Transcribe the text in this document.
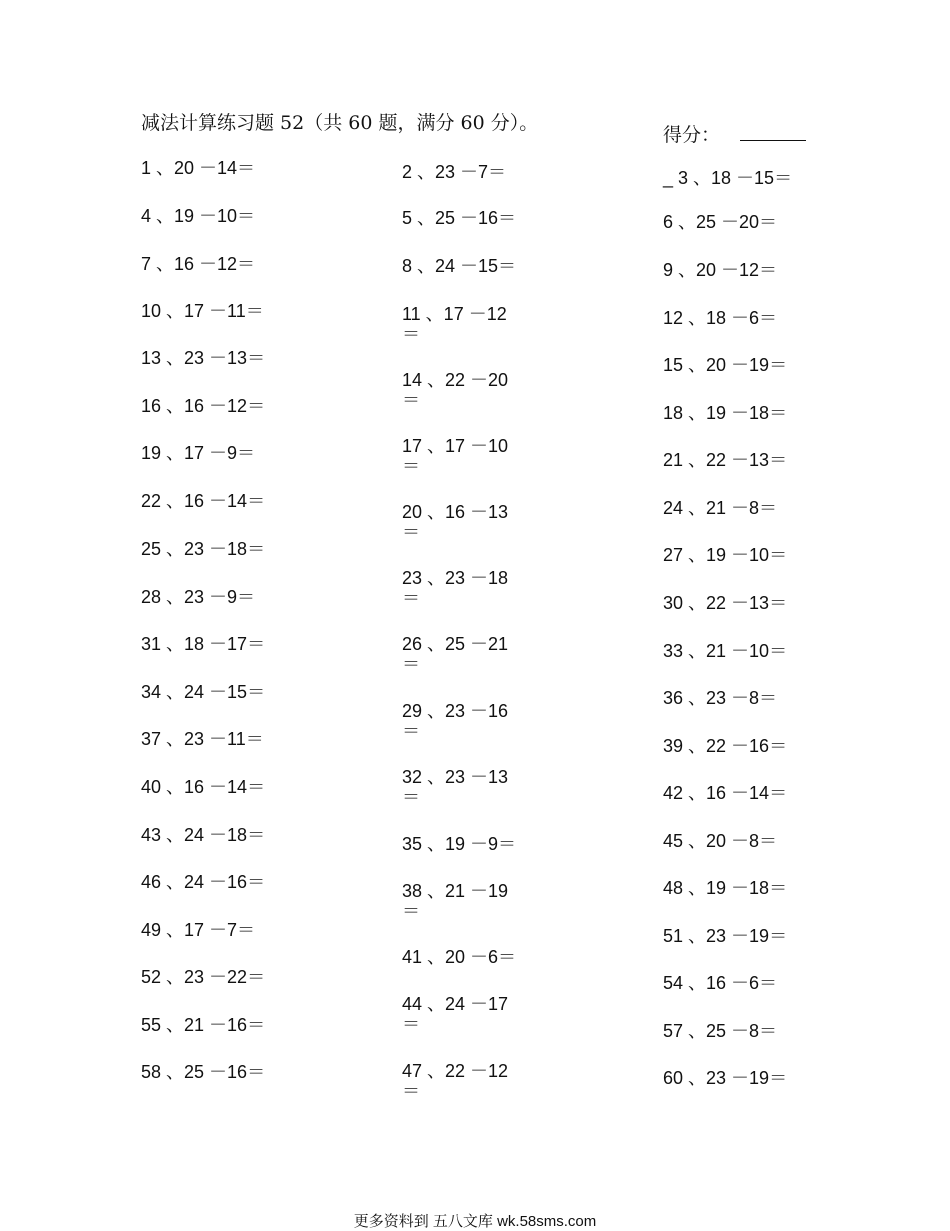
减法计算练习题 52（共 60 题，满分 60 分）。
得分：
1 、20 －14＝
4 、19 －10＝
7 、16 －12＝
10 、17 －11＝
13 、23 －13＝
16 、16 －12＝
19 、17 －9＝
22 、16 －14＝
25 、23 －18＝
28 、23 －9＝
31 、18 －17＝
34 、24 －15＝
37 、23 －11＝
40 、16 －14＝
43 、24 －18＝
46 、24 －16＝
49 、17 －7＝
52 、23 －22＝
55 、21 －16＝
58 、25 －16＝
2 、23 －7＝
5 、25 －16＝
8 、24 －15＝
11 、17 －12 ＝
14 、22 －20 ＝
17 、17 －10 ＝
20 、16 －13 ＝
23 、23 －18 ＝
26 、25 －21 ＝
29 、23 －16 ＝
32 、23 －13 ＝
35 、19 －9＝
38 、21 －19 ＝
41 、20 －6＝
44 、24 －17 ＝
47 、22 －12 ＝
_ 3 、18 －15＝
6 、25 －20＝
9 、20 －12＝
12 、18 －6＝
15 、20 －19＝
18 、19 －18＝
21 、22 －13＝
24 、21 －8＝
27 、19 －10＝
30 、22 －13＝
33 、21 －10＝
36 、23 －8＝
39 、22 －16＝
42 、16 －14＝
45 、20 －8＝
48 、19 －18＝
51 、23 －19＝
54 、16 －6＝
57 、25 －8＝
60 、23 －19＝
更多资料到 五八文库 wk.58sms.com
